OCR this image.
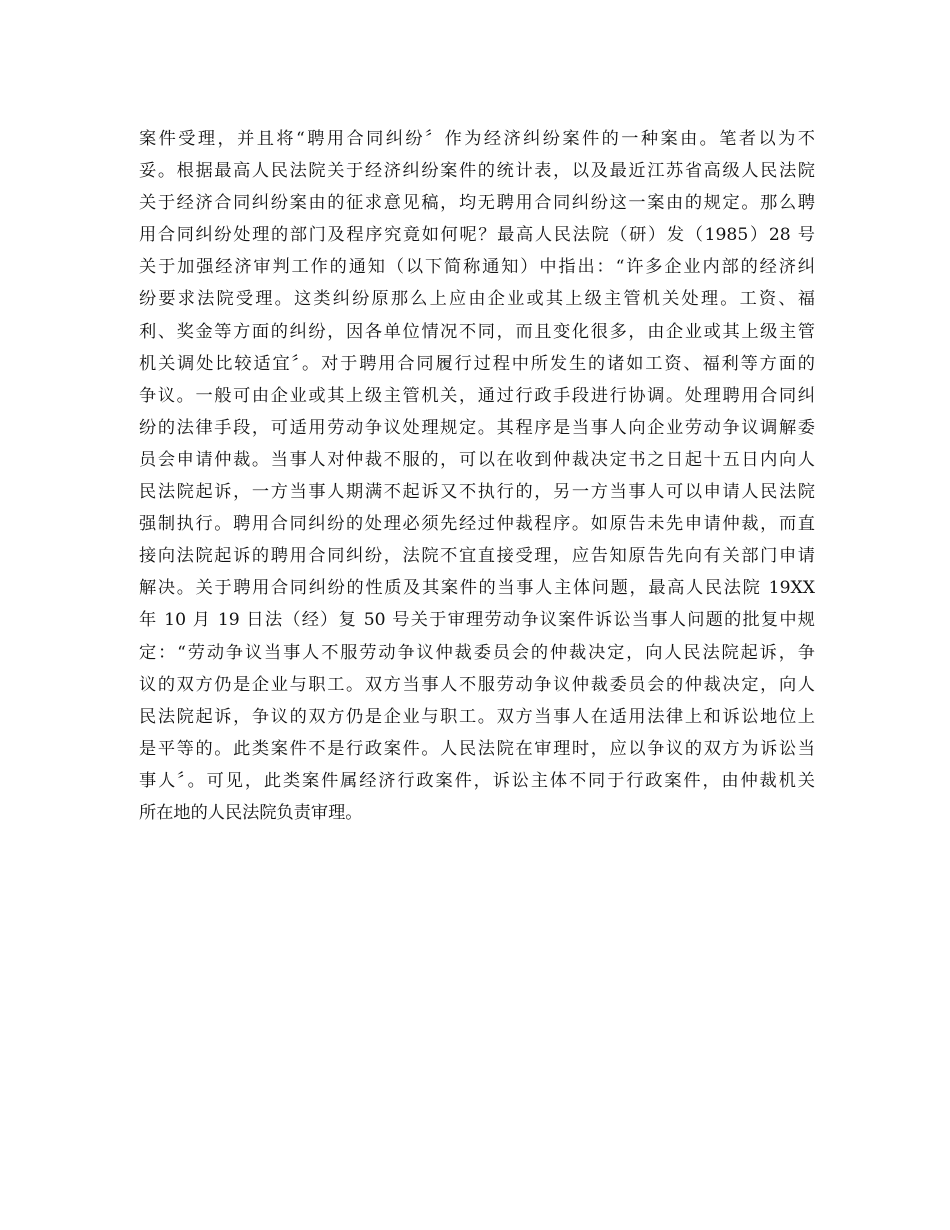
案件受理，并且将“聘用合同纠纷〞作为经济纠纷案件的一种案由。笔者以为不
妥。根据最高人民法院关于经济纠纷案件的统计表，以及最近江苏省高级人民法院
关于经济合同纠纷案由的征求意见稿，均无聘用合同纠纷这一案由的规定。那么聘
用合同纠纷处理的部门及程序究竟如何呢？最高人民法院（研）发（1985）28 号
关于加强经济审判工作的通知（以下简称通知）中指出：“许多企业内部的经济纠
纷要求法院受理。这类纠纷原那么上应由企业或其上级主管机关处理。工资、福
利、奖金等方面的纠纷，因各单位情况不同，而且变化很多，由企业或其上级主管
机关调处比较适宜〞。对于聘用合同履行过程中所发生的诸如工资、福利等方面的
争议。一般可由企业或其上级主管机关，通过行政手段进行协调。处理聘用合同纠
纷的法律手段，可适用劳动争议处理规定。其程序是当事人向企业劳动争议调解委
员会申请仲裁。当事人对仲裁不服的，可以在收到仲裁决定书之日起十五日内向人
民法院起诉，一方当事人期满不起诉又不执行的，另一方当事人可以申请人民法院
强制执行。聘用合同纠纷的处理必须先经过仲裁程序。如原告未先申请仲裁，而直
接向法院起诉的聘用合同纠纷，法院不宜直接受理，应告知原告先向有关部门申请
解决。关于聘用合同纠纷的性质及其案件的当事人主体问题，最高人民法院 19XX
年 10 月 19 日法（经）复 50 号关于审理劳动争议案件诉讼当事人问题的批复中规
定：“劳动争议当事人不服劳动争议仲裁委员会的仲裁决定，向人民法院起诉，争
议的双方仍是企业与职工。双方当事人不服劳动争议仲裁委员会的仲裁决定，向人
民法院起诉，争议的双方仍是企业与职工。双方当事人在适用法律上和诉讼地位上
是平等的。此类案件不是行政案件。人民法院在审理时，应以争议的双方为诉讼当
事人〞。可见，此类案件属经济行政案件，诉讼主体不同于行政案件，由仲裁机关
所在地的人民法院负责审理。
